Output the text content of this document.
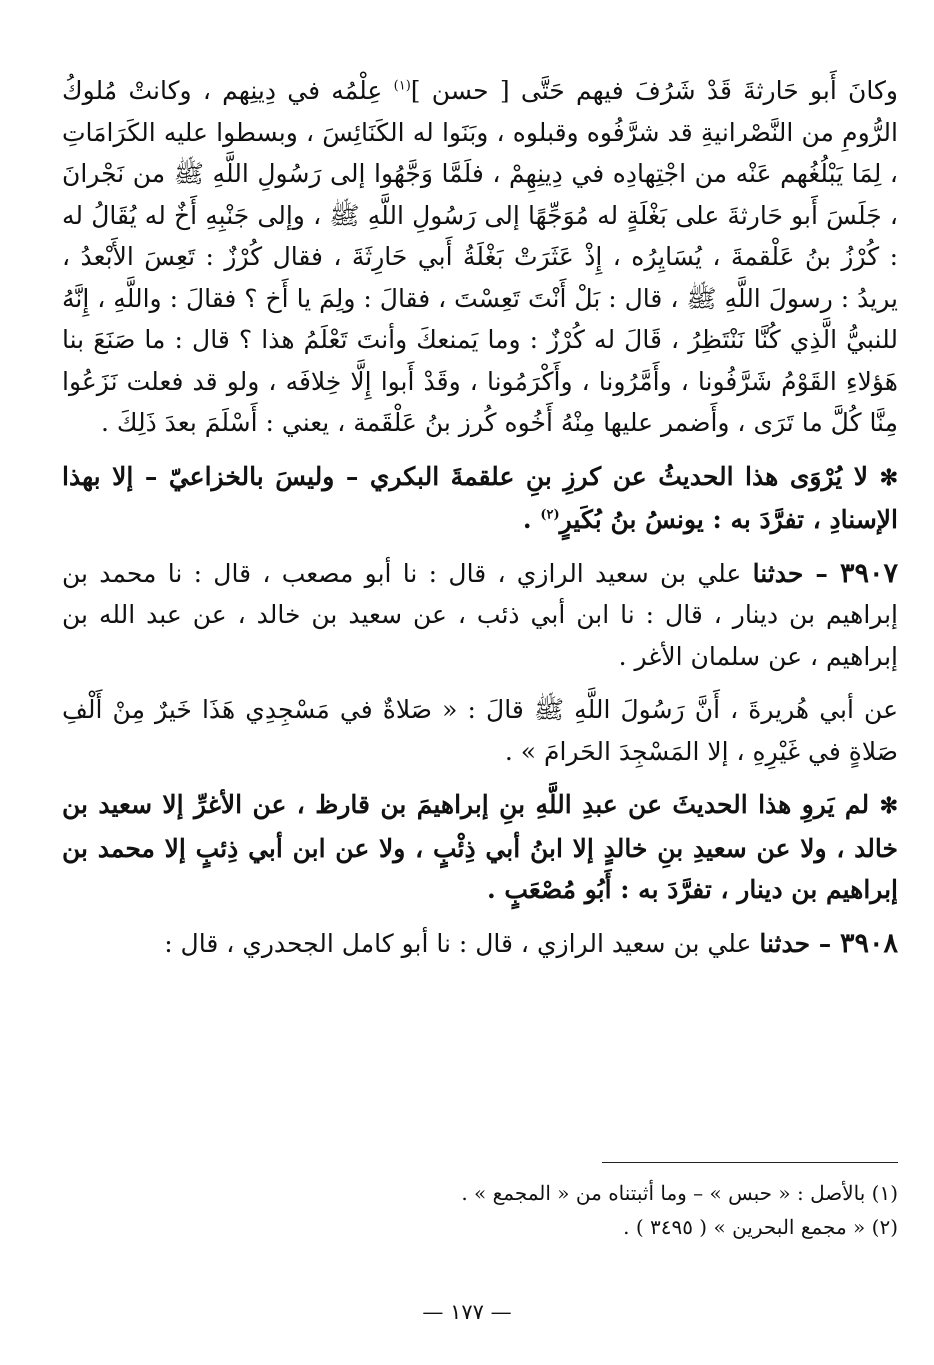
وكانَ أَبو حَارثةَ قَدْ شَرُفَ فيهم حَتَّى [ حسن ]$^{(١)}$ عِلْمُه في دِينِهم ، وكانتْ مُلوكُ الرُّومِ من النَّصْرانيةِ قد شرَّفُوه وقبلوه ، وبَنَوا له الكَنَائِسَ ، وبسطوا عليه الكَرَامَاتِ ، لِمَا يَبْلُغُهم عَنْه من اجْتِهادِه في دِينِهِمْ ، فلَمَّا وَجَّهُوا إلى رَسُولِ اللَّهِ ﷺ من نَجْرانَ ، جَلَسَ أَبو حَارثةَ على بَغْلَةٍ له مُوَجِّهًا إلى رَسُولِ اللَّهِ ﷺ ، وإلى جَنْبِهِ أَخٌ له يُقَالُ له : كُرْزُ بنُ عَلْقمةَ ، يُسَايِرُه ، إِذْ عَثَرَتْ بَغْلَةُ أَبي حَارِثَةَ ، فقال كُرْزٌ : تَعِسَ الأَبْعدُ ، يريدُ : رسولَ اللَّهِ ﷺ ، قال : بَلْ أَنْتَ تَعِسْتَ ، فقالَ : ولِمَ يا أَخ ؟ فقالَ : واللَّهِ ، إِنَّهُ للنبيُّ الَّذِي كُنَّا نَنْتَظِرُ ، قَالَ له كُرْزٌ : وما يَمنعكَ وأنتَ تَعْلَمُ هذا ؟ قال : ما صَنَعَ بنا هَؤلاءِ القَوْمُ شَرَّفُونا ، وأَمَّرُونا ، وأَكْرَمُونا ، وقَدْ أَبوا إِلَّا خِلافَه ، ولو قد فعلت نَزَعُوا مِنَّا كُلَّ ما تَرَى ، وأَضمر عليها مِنْهُ أَخُوه كُرز بنُ عَلْقَمة ، يعني : أَسْلَمَ بعدَ ذَلِكَ .

✻ لا يُرْوَى هذا الحديثُ عن كرزِ بنِ علقمةَ البكري – وليسَ بالخزاعيّ – إلا بهذا الإسنادِ ، تفرَّدَ به : يونسُ بنُ بُكَيرٍ$^{(٢)}$ .

٣٩٠٧ – حدثنا علي بن سعيد الرازي ، قال : نا أبو مصعب ، قال : نا محمد بن إبراهيم بن دينار ، قال : نا ابن أبي ذئب ، عن سعيد بن خالد ، عن عبد الله بن إبراهيم ، عن سلمان الأغر .

عن أبي هُريرةَ ، أَنَّ رَسُولَ اللَّهِ ﷺ قالَ : « صَلاةٌ في مَسْجِدِي هَذَا خَيرٌ مِنْ أَلْفِ صَلاةٍ في غَيْرِهِ ، إلا المَسْجِدَ الحَرامَ » .

✻ لم يَروِ هذا الحديثَ عن عبدِ اللَّهِ بنِ إبراهيمَ بن قارظ ، عن الأغرِّ إلا سعيد بن خالد ، ولا عن سعيدِ بنِ خالدٍ إلا ابنُ أبي ذِئْبٍ ، ولا عن ابن أبي ذِئبٍ إلا محمد بن إبراهيم بن دينار ، تفرَّدَ به : أَبُو مُصْعَبٍ .

٣٩٠٨ – حدثنا علي بن سعيد الرازي ، قال : نا أبو كامل الجحدري ، قال :

(١) بالأصل : « حبس » – وما أثبتناه من « المجمع » .

(٢) « مجمع البحرين » ( ٣٤٩٥ ) .

— ١٧٧ —
